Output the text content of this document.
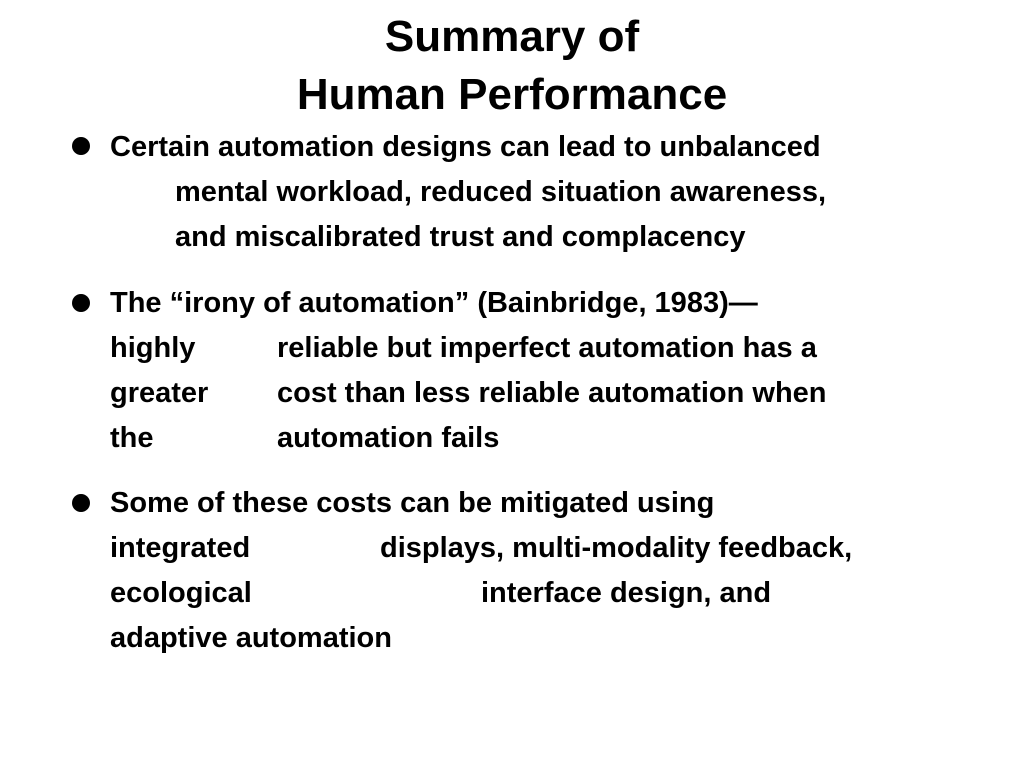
Summary of
Human Performance
Certain automation designs can lead to unbalanced
mental workload, reduced situation awareness,
and miscalibrated trust and complacency
The “irony of automation” (Bainbridge, 1983)—
highly	reliable but imperfect automation has a
greater cost than less reliable automation when
the	automation fails
Some of these costs can be mitigated using
integrated	displays, multi-modality feedback,
ecological	interface design, and
adaptive automation
